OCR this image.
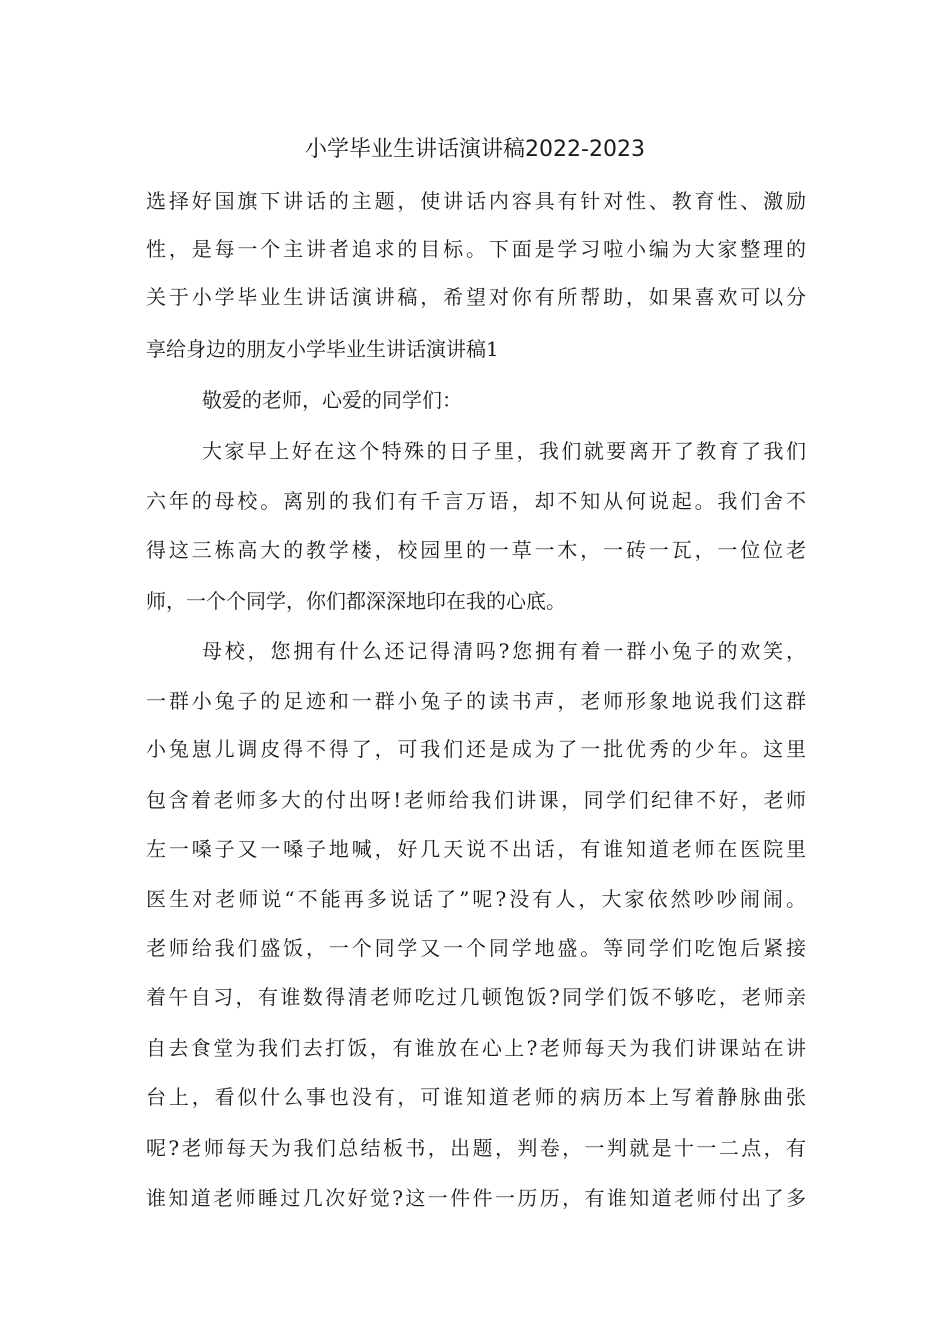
小学毕业生讲话演讲稿2022-2023
选择好国旗下讲话的主题，使讲话内容具有针对性、教育性、激励
性，是每一个主讲者追求的目标。下面是学习啦小编为大家整理的
关于小学毕业生讲话演讲稿，希望对你有所帮助，如果喜欢可以分
享给身边的朋友小学毕业生讲话演讲稿1
敬爱的老师，心爱的同学们：
大家早上好在这个特殊的日子里，我们就要离开了教育了我们
六年的母校。离别的我们有千言万语，却不知从何说起。我们舍不
得这三栋高大的教学楼，校园里的一草一木，一砖一瓦，一位位老
师，一个个同学，你们都深深地印在我的心底。
母校，您拥有什么还记得清吗?您拥有着一群小兔子的欢笑，
一群小兔子的足迹和一群小兔子的读书声，老师形象地说我们这群
小兔崽儿调皮得不得了，可我们还是成为了一批优秀的少年。这里
包含着老师多大的付出呀!老师给我们讲课，同学们纪律不好，老师
左一嗓子又一嗓子地喊，好几天说不出话，有谁知道老师在医院里
医生对老师说“不能再多说话了”呢?没有人，大家依然吵吵闹闹。
老师给我们盛饭，一个同学又一个同学地盛。等同学们吃饱后紧接
着午自习，有谁数得清老师吃过几顿饱饭?同学们饭不够吃，老师亲
自去食堂为我们去打饭，有谁放在心上?老师每天为我们讲课站在讲
台上，看似什么事也没有，可谁知道老师的病历本上写着静脉曲张
呢?老师每天为我们总结板书，出题，判卷，一判就是十一二点，有
谁知道老师睡过几次好觉?这一件件一历历，有谁知道老师付出了多
